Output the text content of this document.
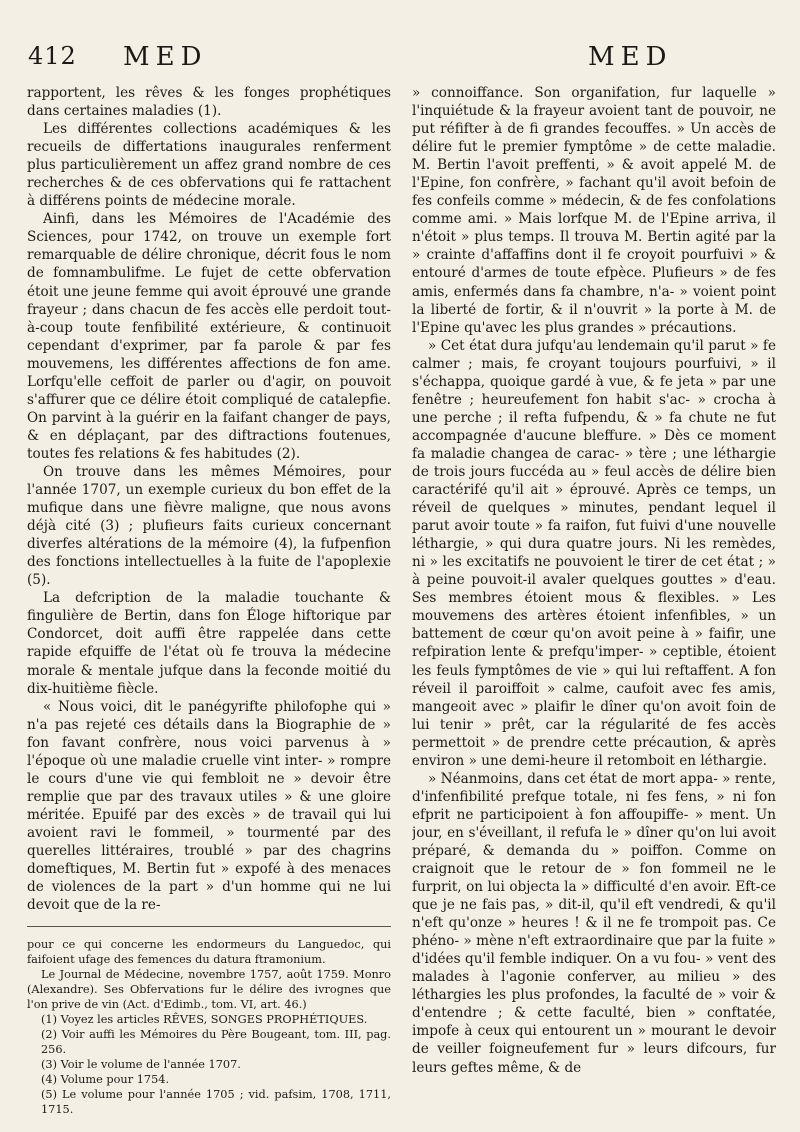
412 MED	MED

rapportent, les rêves & les fonges prophétiques dans certaines maladies (1).

Les différentes collections académiques & les recueils de differtations inaugurales renferment plus particulièrement un affez grand nombre de ces recherches & de ces obfervations qui fe rattachent à différens points de médecine morale.

Ainfi, dans les Mémoires de l'Académie des Sciences, pour 1742, on trouve un exemple fort remarquable de délire chronique, décrit fous le nom de fomnambulifme. Le fujet de cette obfervation étoit une jeune femme qui avoit éprouvé une grande frayeur ; dans chacun de fes accès elle perdoit tout-à-coup toute fenfibilité extérieure, & continuoit cependant d'exprimer, par fa parole & par fes mouvemens, les différentes affections de fon ame. Lorfqu'elle ceffoit de parler ou d'agir, on pouvoit s'affurer que ce délire étoit compliqué de catalepfie. On parvint à la guérir en la faifant changer de pays, & en déplaçant, par des diftractions foutenues, toutes fes relations & fes habitudes (2).

On trouve dans les mêmes Mémoires, pour l'année 1707, un exemple curieux du bon effet de la mufique dans une fièvre maligne, que nous avons déjà cité (3) ; plufieurs faits curieux concernant diverfes altérations de la mémoire (4), la fufpenfion des fonctions intellectuelles à la fuite de l'apoplexie (5).

La defcription de la maladie touchante & fingulière de Bertin, dans fon Éloge hiftorique par Condorcet, doit auffi être rappelée dans cette rapide efquiffe de l'état où fe trouva la médecine morale & mentale jufque dans la feconde moitié du dix-huitième fiècle.

« Nous voici, dit le panégyrifte philofophe qui » n'a pas rejeté ces détails dans la Biographie de » fon favant confrère, nous voici parvenus à » l'époque où une maladie cruelle vint inter- » rompre le cours d'une vie qui fembloit ne » devoir être remplie que par des travaux utiles » & une gloire méritée. Epuifé par des excès » de travail qui lui avoient ravi le fommeil, » tourmenté par des querelles littéraires, troublé » par des chagrins domeftiques, M. Bertin fut » expofé à des menaces de violences de la part » d'un homme qui ne lui devoit que de la re-

pour ce qui concerne les endormeurs du Languedoc, qui faifoient ufage des femences du datura ftramonium.

Le Journal de Médecine, novembre 1757, août 1759. Monro (Alexandre). Ses Obfervations fur le délire des ivrognes que l'on prive de vin (Act. d'Edimb., tom. VI, art. 46.)

(1) Voyez les articles RÊVES, SONGES PROPHÉTIQUES.

(2) Voir auffi les Mémoires du Père Bougeant, tom. III, pag. 256.

(3) Voir le volume de l'année 1707.

(4) Volume pour 1754.

(5) Le volume pour l'année 1705 ; vid. pafsim, 1708, 1711, 1715.

» connoiffance. Son organifation, fur laquelle » l'inquiétude & la frayeur avoient tant de pouvoir, ne put réfifter à de fi grandes fecouffes. » Un accès de délire fut le premier fymptôme » de cette maladie. M. Bertin l'avoit preffenti, » & avoit appelé M. de l'Epine, fon confrère, » fachant qu'il avoit befoin de fes confeils comme » médecin, & de fes confolations comme ami. » Mais lorfque M. de l'Epine arriva, il n'étoit » plus temps. Il trouva M. Bertin agité par la » crainte d'affaffins dont il fe croyoit pourfuivi » & entouré d'armes de toute efpèce. Plufieurs » de fes amis, enfermés dans fa chambre, n'a- » voient point la liberté de fortir, & il n'ouvrit » la porte à M. de l'Epine qu'avec les plus grandes » précautions.

» Cet état dura jufqu'au lendemain qu'il parut » fe calmer ; mais, fe croyant toujours pourfuivi, » il s'échappa, quoique gardé à vue, & fe jeta » par une fenêtre ; heureufement fon habit s'ac- » crocha à une perche ; il refta fufpendu, & » fa chute ne fut accompagnée d'aucune bleffure. » Dès ce moment fa maladie changea de carac- » tère ; une léthargie de trois jours fuccéda au » feul accès de délire bien caractérifé qu'il ait » éprouvé. Après ce temps, un réveil de quelques » minutes, pendant lequel il parut avoir toute » fa raifon, fut fuivi d'une nouvelle léthargie, » qui dura quatre jours. Ni les remèdes, ni » les excitatifs ne pouvoient le tirer de cet état ; » à peine pouvoit-il avaler quelques gouttes » d'eau. Ses membres étoient mous & flexibles. » Les mouvemens des artères étoient infenfibles, » un battement de cœur qu'on avoit peine à » faifir, une refpiration lente & prefqu'imper- » ceptible, étoient les feuls fymptômes de vie » qui lui reftaffent. A fon réveil il paroiffoit » calme, caufoit avec fes amis, mangeoit avec » plaifir le dîner qu'on avoit foin de lui tenir » prêt, car la régularité de fes accès permettoit » de prendre cette précaution, & après environ » une demi-heure il retomboit en léthargie.

» Néanmoins, dans cet état de mort appa- » rente, d'infenfibilité prefque totale, ni fes fens, » ni fon efprit ne participoient à fon affoupiffe- » ment. Un jour, en s'éveillant, il refufa le » dîner qu'on lui avoit préparé, & demanda du » poiffon. Comme on craignoit que le retour de » fon fommeil ne le furprit, on lui objecta la » difficulté d'en avoir. Eft-ce que je ne fais pas, » dit-il, qu'il eft vendredi, & qu'il n'eft qu'onze » heures ! & il ne fe trompoit pas. Ce phéno- » mène n'eft extraordinaire que par la fuite » d'idées qu'il femble indiquer. On a vu fou- » vent des malades à l'agonie conferver, au milieu » des léthargies les plus profondes, la faculté de » voir & d'entendre ; & cette faculté, bien » conftatée, impofe à ceux qui entourent un » mourant le devoir de veiller foigneufement fur » leurs difcours, fur leurs geftes même, & de
